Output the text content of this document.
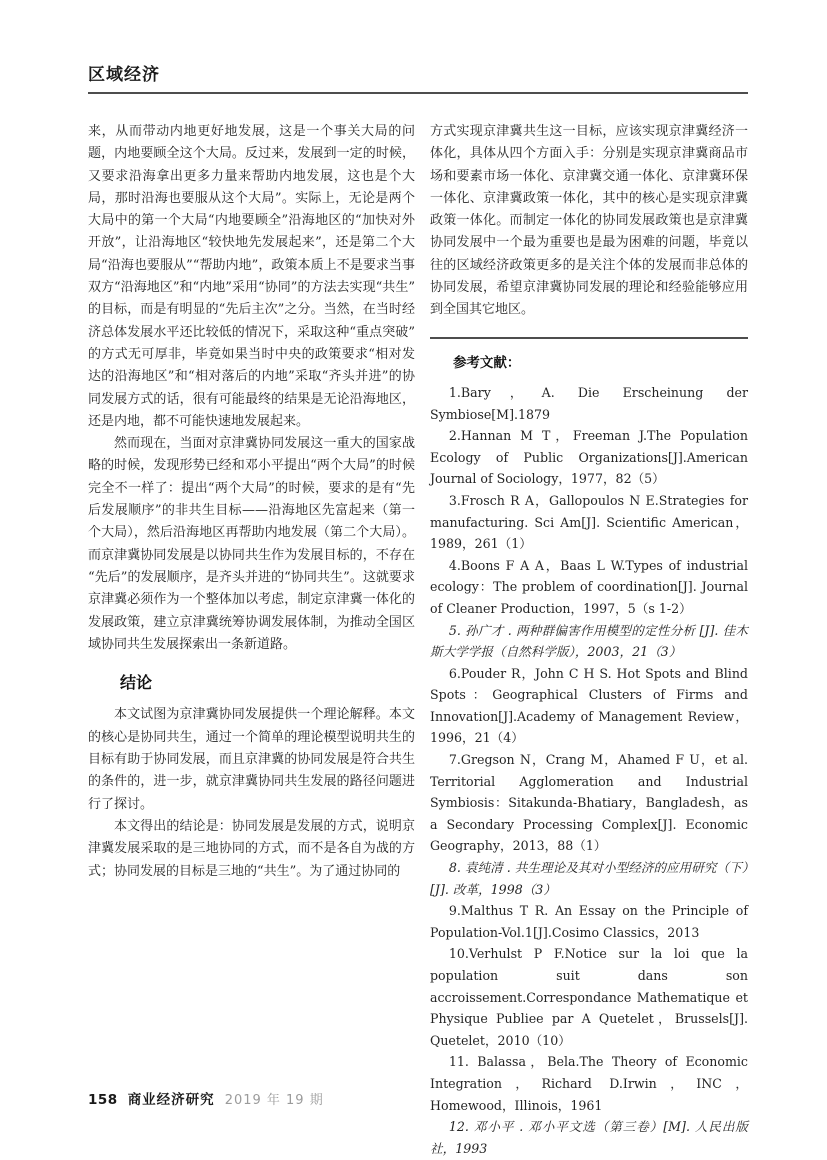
区域经济

来，从而带动内地更好地发展，这是一个事关大局的问题，内地要顾全这个大局。反过来，发展到一定的时候，又要求沿海拿出更多力量来帮助内地发展，这也是个大局，那时沿海也要服从这个大局”。实际上，无论是两个大局中的第一个大局“内地要顾全”沿海地区的“加快对外开放”，让沿海地区“较快地先发展起来”，还是第二个大局“沿海也要服从”“帮助内地”，政策本质上不是要求当事双方“沿海地区”和“内地”采用“协同”的方法去实现“共生”的目标，而是有明显的“先后主次”之分。当然，在当时经济总体发展水平还比较低的情况下，采取这种“重点突破”的方式无可厚非，毕竟如果当时中央的政策要求“相对发达的沿海地区”和“相对落后的内地”采取“齐头并进”的协同发展方式的话，很有可能最终的结果是无论沿海地区，还是内地，都不可能快速地发展起来。

然而现在，当面对京津冀协同发展这一重大的国家战略的时候，发现形势已经和邓小平提出“两个大局”的时候完全不一样了：提出“两个大局”的时候，要求的是有“先后发展顺序”的非共生目标——沿海地区先富起来（第一个大局），然后沿海地区再帮助内地发展（第二个大局）。而京津冀协同发展是以协同共生作为发展目标的，不存在“先后”的发展顺序，是齐头并进的“协同共生”。这就要求京津冀必须作为一个整体加以考虑，制定京津冀一体化的发展政策，建立京津冀统筹协调发展体制，为推动全国区域协同共生发展探索出一条新道路。

结论

本文试图为京津冀协同发展提供一个理论解释。本文的核心是协同共生，通过一个简单的理论模型说明共生的目标有助于协同发展，而且京津冀的协同发展是符合共生的条件的，进一步，就京津冀协同共生发展的路径问题进行了探讨。

本文得出的结论是：协同发展是发展的方式，说明京津冀发展采取的是三地协同的方式，而不是各自为战的方式；协同发展的目标是三地的“共生”。为了通过协同的

方式实现京津冀共生这一目标，应该实现京津冀经济一体化，具体从四个方面入手：分别是实现京津冀商品市场和要素市场一体化、京津冀交通一体化、京津冀环保一体化、京津冀政策一体化，其中的核心是实现京津冀政策一体化。而制定一体化的协同发展政策也是京津冀协同发展中一个最为重要也是最为困难的问题，毕竟以往的区域经济政策更多的是关注个体的发展而非总体的协同发展，希望京津冀协同发展的理论和经验能够应用到全国其它地区。

参考文献：

1.Bary，A. Die Erscheinung der Symbiose[M].1879

2.Hannan M T，Freeman J.The Population Ecology of Public Organizations[J].American Journal of Sociology，1977，82（5）

3.Frosch R A，Gallopoulos N E.Strategies for manufacturing. Sci Am[J]. Scientific American，1989，261（1）

4.Boons F A A，Baas L W.Types of industrial ecology：The problem of coordination[J]. Journal of Cleaner Production，1997，5（s 1-2）

5. 孙广才 . 两种群偏害作用模型的定性分析 [J]. 佳木斯大学学报（自然科学版），2003，21（3）

6.Pouder R，John C H S. Hot Spots and Blind Spots：Geographical Clusters of Firms and Innovation[J].Academy of Management Review，1996，21（4）

7.Gregson N，Crang M，Ahamed F U，et al. Territorial Agglomeration and Industrial Symbiosis：Sitakunda-Bhatiary，Bangladesh，as a Secondary Processing Complex[J]. Economic Geography，2013，88（1）

8. 袁纯清 . 共生理论及其对小型经济的应用研究（下）[J]. 改革，1998（3）

9.Malthus T R. An Essay on the Principle of Population-Vol.1[J].Cosimo Classics，2013

10.Verhulst P F.Notice sur la loi que la population suit dans son accroissement.Correspondance Mathematique et Physique Publiee par A Quetelet，Brussels[J]. Quetelet，2010（10）

11. Balassa，Bela.The Theory of Economic Integration，Richard D.Irwin，INC，Homewood，Illinois，1961

12. 邓小平 . 邓小平文选（第三卷）[M]. 人民出版社，1993

158 商业经济研究 2019 年 19 期
